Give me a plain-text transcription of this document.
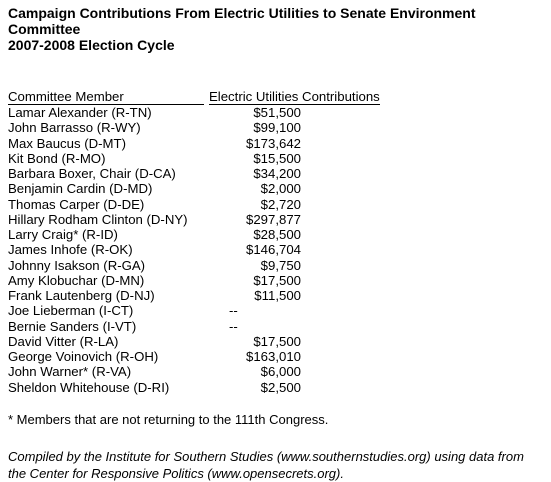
Campaign Contributions From Electric Utilities to Senate Environment Committee
2007-2008 Election Cycle
Committee Member	Electric Utilities Contributions
Lamar Alexander (R-TN)	$51,500
John Barrasso (R-WY)	$99,100
Max Baucus (D-MT)	$173,642
Kit Bond (R-MO)	$15,500
Barbara Boxer, Chair (D-CA)	$34,200
Benjamin Cardin (D-MD)	$2,000
Thomas Carper (D-DE)	$2,720
Hillary Rodham Clinton (D-NY)	$297,877
Larry Craig* (R-ID)	$28,500
James Inhofe (R-OK)	$146,704
Johnny Isakson (R-GA)	$9,750
Amy Klobuchar (D-MN)	$17,500
Frank Lautenberg (D-NJ)	$11,500
Joe Lieberman (I-CT)	--
Bernie Sanders (I-VT)	--
David Vitter (R-LA)	$17,500
George Voinovich (R-OH)	$163,010
John Warner* (R-VA)	$6,000
Sheldon Whitehouse (D-RI)	$2,500
* Members that are not returning to the 111th Congress.
Compiled by the Institute for Southern Studies (www.southernstudies.org) using data from
the Center for Responsive Politics (www.opensecrets.org).
